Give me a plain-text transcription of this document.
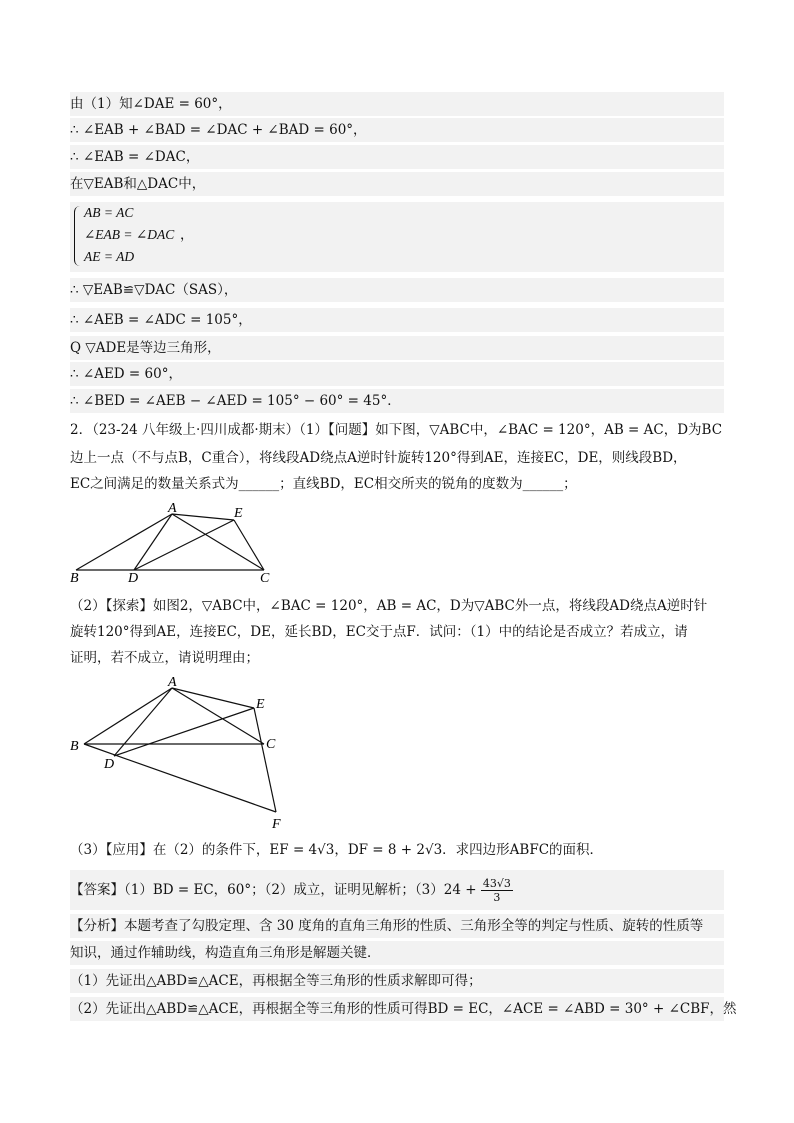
由（1）知∠DAE = 60°，
∴ ∠EAB + ∠BAD = ∠DAC + ∠BAD = 60°，
∴ ∠EAB = ∠DAC，
在▽EAB和△DAC中，
AB = AC
∠EAB = ∠DAC
AE = AD
，
∴ ▽EAB≌▽DAC（SAS），
∴ ∠AEB = ∠ADC = 105°，
Q ▽ADE是等边三角形，
∴ ∠AED = 60°，
∴ ∠BED = ∠AEB − ∠AED = 105° − 60° = 45°．
2．（23-24 八年级上·四川成都·期末）（1）【问题】如下图，▽ABC中，∠BAC = 120°，AB = AC，D为BC
边上一点（不与点B，C重合），将线段AD绕点A逆时针旋转120°得到AE，连接EC，DE，则线段BD，
EC之间满足的数量关系式为______；直线BD，EC相交所夹的锐角的度数为______；
A	E
B	D	C
（2）【探索】如图2，▽ABC中，∠BAC = 120°，AB = AC，D为▽ABC外一点，将线段AD绕点A逆时针
旋转120°得到AE，连接EC，DE，延长BD，EC交于点F．试问：（1）中的结论是否成立？若成立，请
证明，若不成立，请说明理由；
A
E
B	C
D
F
（3）【应用】在（2）的条件下，EF = 4√3，DF = 8 + 2√3．求四边形ABFC的面积．
【答案】（1）BD = EC，60°；（2）成立，证明见解析；$(3)24 + \frac{43√3}{3}$
【分析】本题考查了勾股定理、含 30 度角的直角三角形的性质、三角形全等的判定与性质、旋转的性质等
知识，通过作辅助线，构造直角三角形是解题关键．
（1）先证出△ABD≌△ACE，再根据全等三角形的性质求解即可得；
（2）先证出△ABD≌△ACE，再根据全等三角形的性质可得BD = EC，∠ACE = ∠ABD = 30° + ∠CBF，然
